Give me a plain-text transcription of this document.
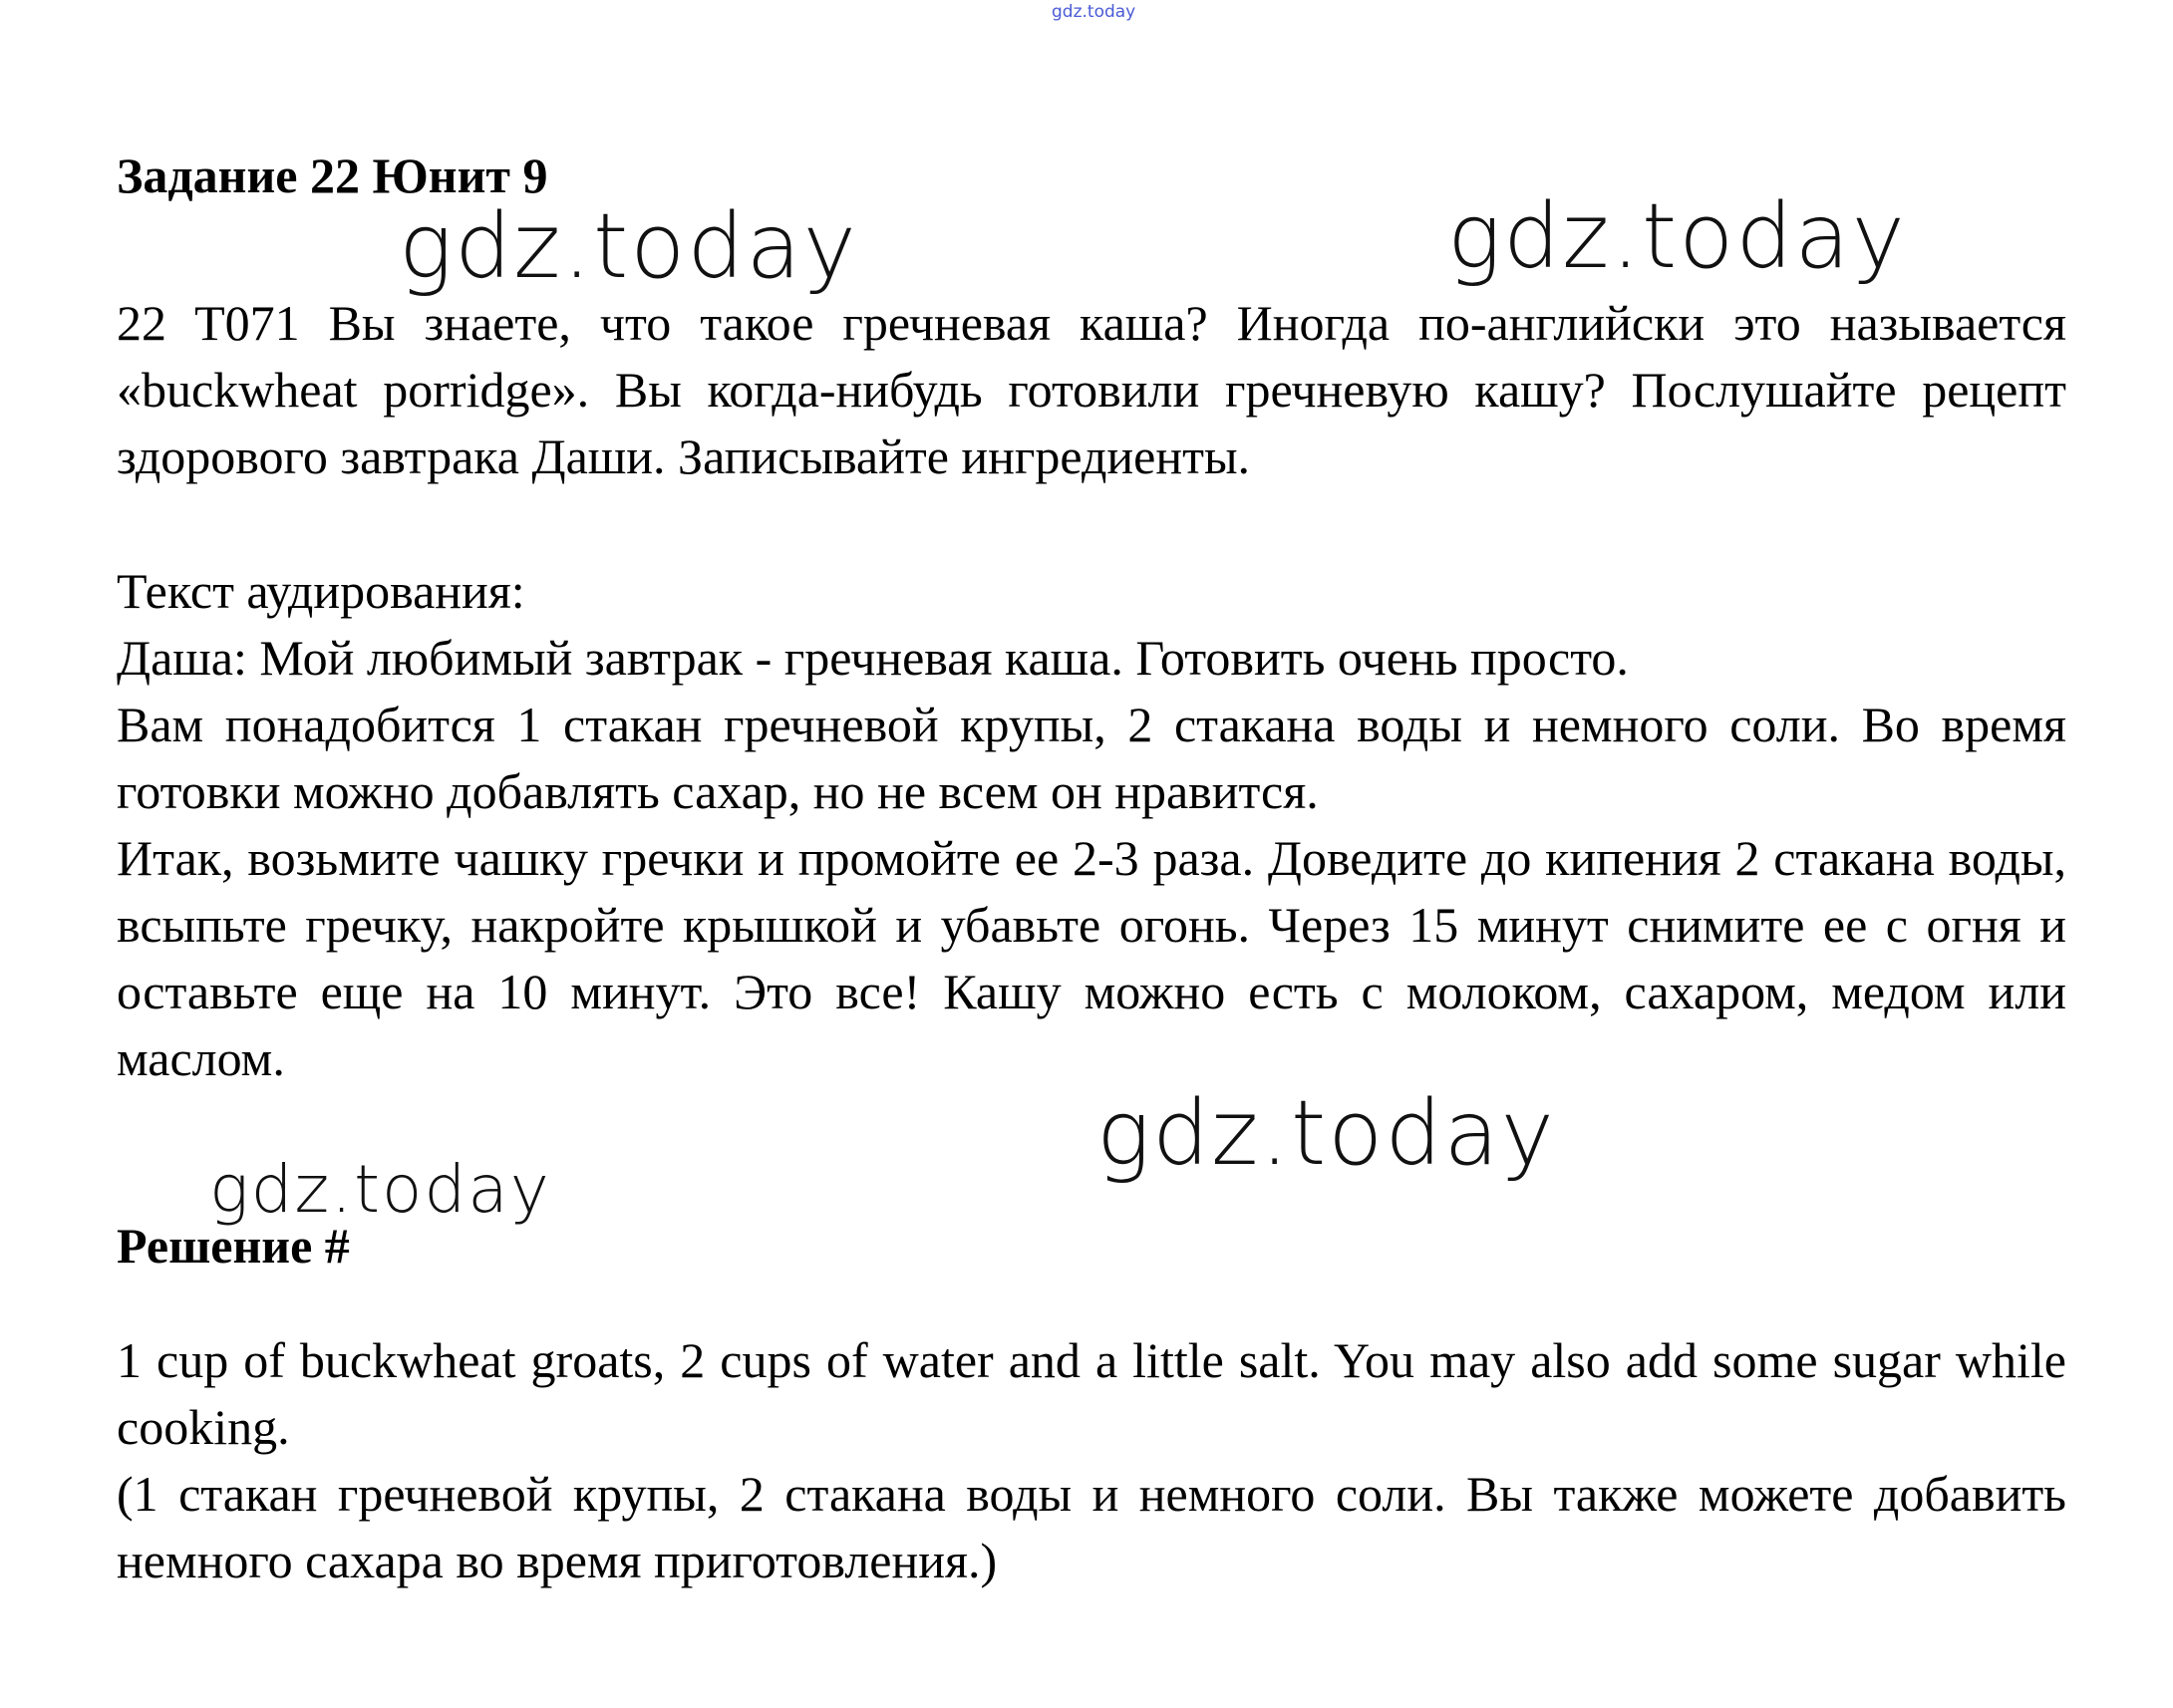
gdz.today
Задание 22 Юнит 9

22 T071 Вы знаете, что такое гречневая каша? Иногда по-английски это называется «buckwheat porridge». Вы когда-нибудь готовили гречневую кашу? Послушайте рецепт здорового завтрака Даши. Записывайте ингредиенты.

Текст аудирования:

Даша: Мой любимый завтрак - гречневая каша. Готовить очень просто.

Вам понадобится 1 стакан гречневой крупы, 2 стакана воды и немного соли. Во время готовки можно добавлять сахар, но не всем он нравится.

Итак, возьмите чашку гречки и промойте ее 2-3 раза. Доведите до кипения 2 стакана воды, всыпьте гречку, накройте крышкой и убавьте огонь. Через 15 минут снимите ее с огня и оставьте еще на 10 минут. Это все! Кашу можно есть с молоком, сахаром, медом или маслом.

Решение #

1 cup of buckwheat groats, 2 cups of water and a little salt. You may also add some sugar while cooking.

(1 стакан гречневой крупы, 2 стакана воды и немного соли. Вы также можете добавить немного сахара во время приготовления.)

gdz.today	gdz.today
gdz.today
gdz.today
